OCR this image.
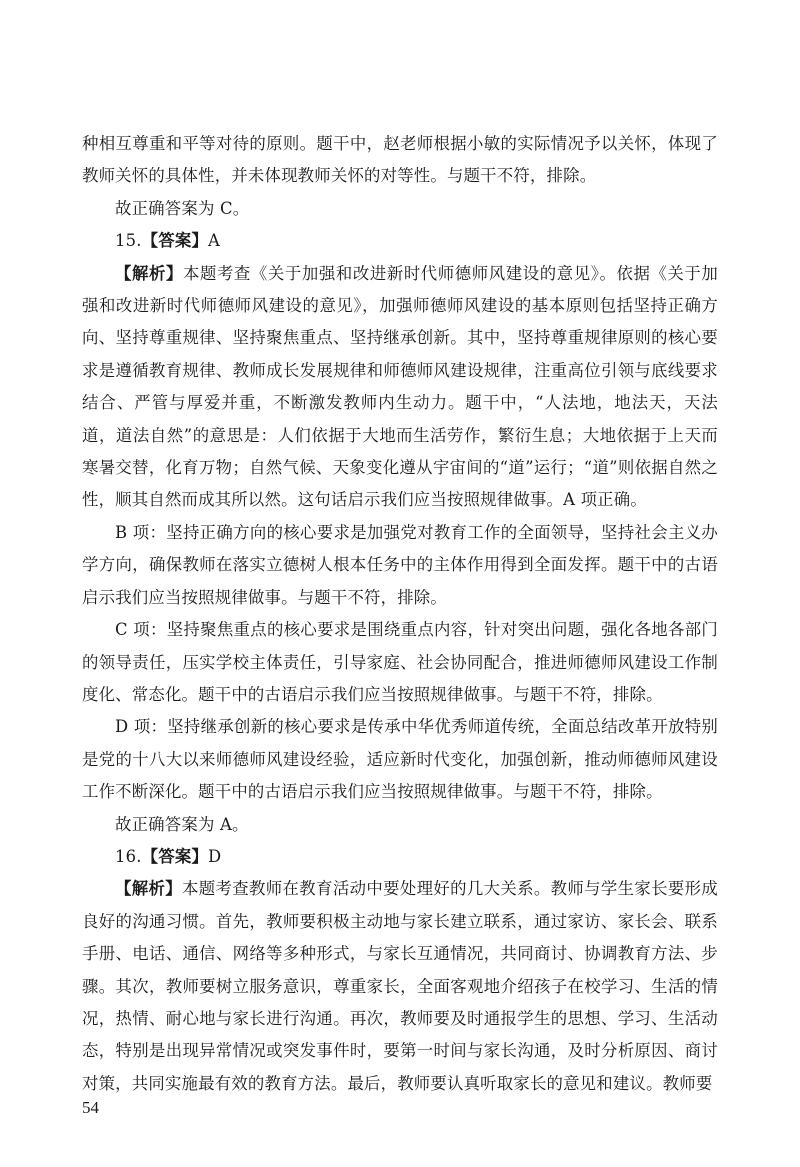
种相互尊重和平等对待的原则。题干中，赵老师根据小敏的实际情况予以关怀，体现了教师关怀的具体性，并未体现教师关怀的对等性。与题干不符，排除。

故正确答案为 C。

15.【答案】A

【解析】本题考查《关于加强和改进新时代师德师风建设的意见》。依据《关于加强和改进新时代师德师风建设的意见》，加强师德师风建设的基本原则包括坚持正确方向、坚持尊重规律、坚持聚焦重点、坚持继承创新。其中，坚持尊重规律原则的核心要求是遵循教育规律、教师成长发展规律和师德师风建设规律，注重高位引领与底线要求结合、严管与厚爱并重，不断激发教师内生动力。题干中，“人法地，地法天，天法道，道法自然”的意思是：人们依据于大地而生活劳作，繁衍生息；大地依据于上天而寒暑交替，化育万物；自然气候、天象变化遵从宇宙间的“道”运行；“道”则依据自然之性，顺其自然而成其所以然。这句话启示我们应当按照规律做事。A 项正确。

B 项：坚持正确方向的核心要求是加强党对教育工作的全面领导，坚持社会主义办学方向，确保教师在落实立德树人根本任务中的主体作用得到全面发挥。题干中的古语启示我们应当按照规律做事。与题干不符，排除。

C 项：坚持聚焦重点的核心要求是围绕重点内容，针对突出问题，强化各地各部门的领导责任，压实学校主体责任，引导家庭、社会协同配合，推进师德师风建设工作制度化、常态化。题干中的古语启示我们应当按照规律做事。与题干不符，排除。

D 项：坚持继承创新的核心要求是传承中华优秀师道传统，全面总结改革开放特别是党的十八大以来师德师风建设经验，适应新时代变化，加强创新，推动师德师风建设工作不断深化。题干中的古语启示我们应当按照规律做事。与题干不符，排除。

故正确答案为 A。

16.【答案】D

【解析】本题考查教师在教育活动中要处理好的几大关系。教师与学生家长要形成良好的沟通习惯。首先，教师要积极主动地与家长建立联系，通过家访、家长会、联系手册、电话、通信、网络等多种形式，与家长互通情况，共同商讨、协调教育方法、步骤。其次，教师要树立服务意识，尊重家长，全面客观地介绍孩子在校学习、生活的情况，热情、耐心地与家长进行沟通。再次，教师要及时通报学生的思想、学习、生活动态，特别是出现异常情况或突发事件时，要第一时间与家长沟通，及时分析原因、商讨对策，共同实施最有效的教育方法。最后，教师要认真听取家长的意见和建议。教师要

54
